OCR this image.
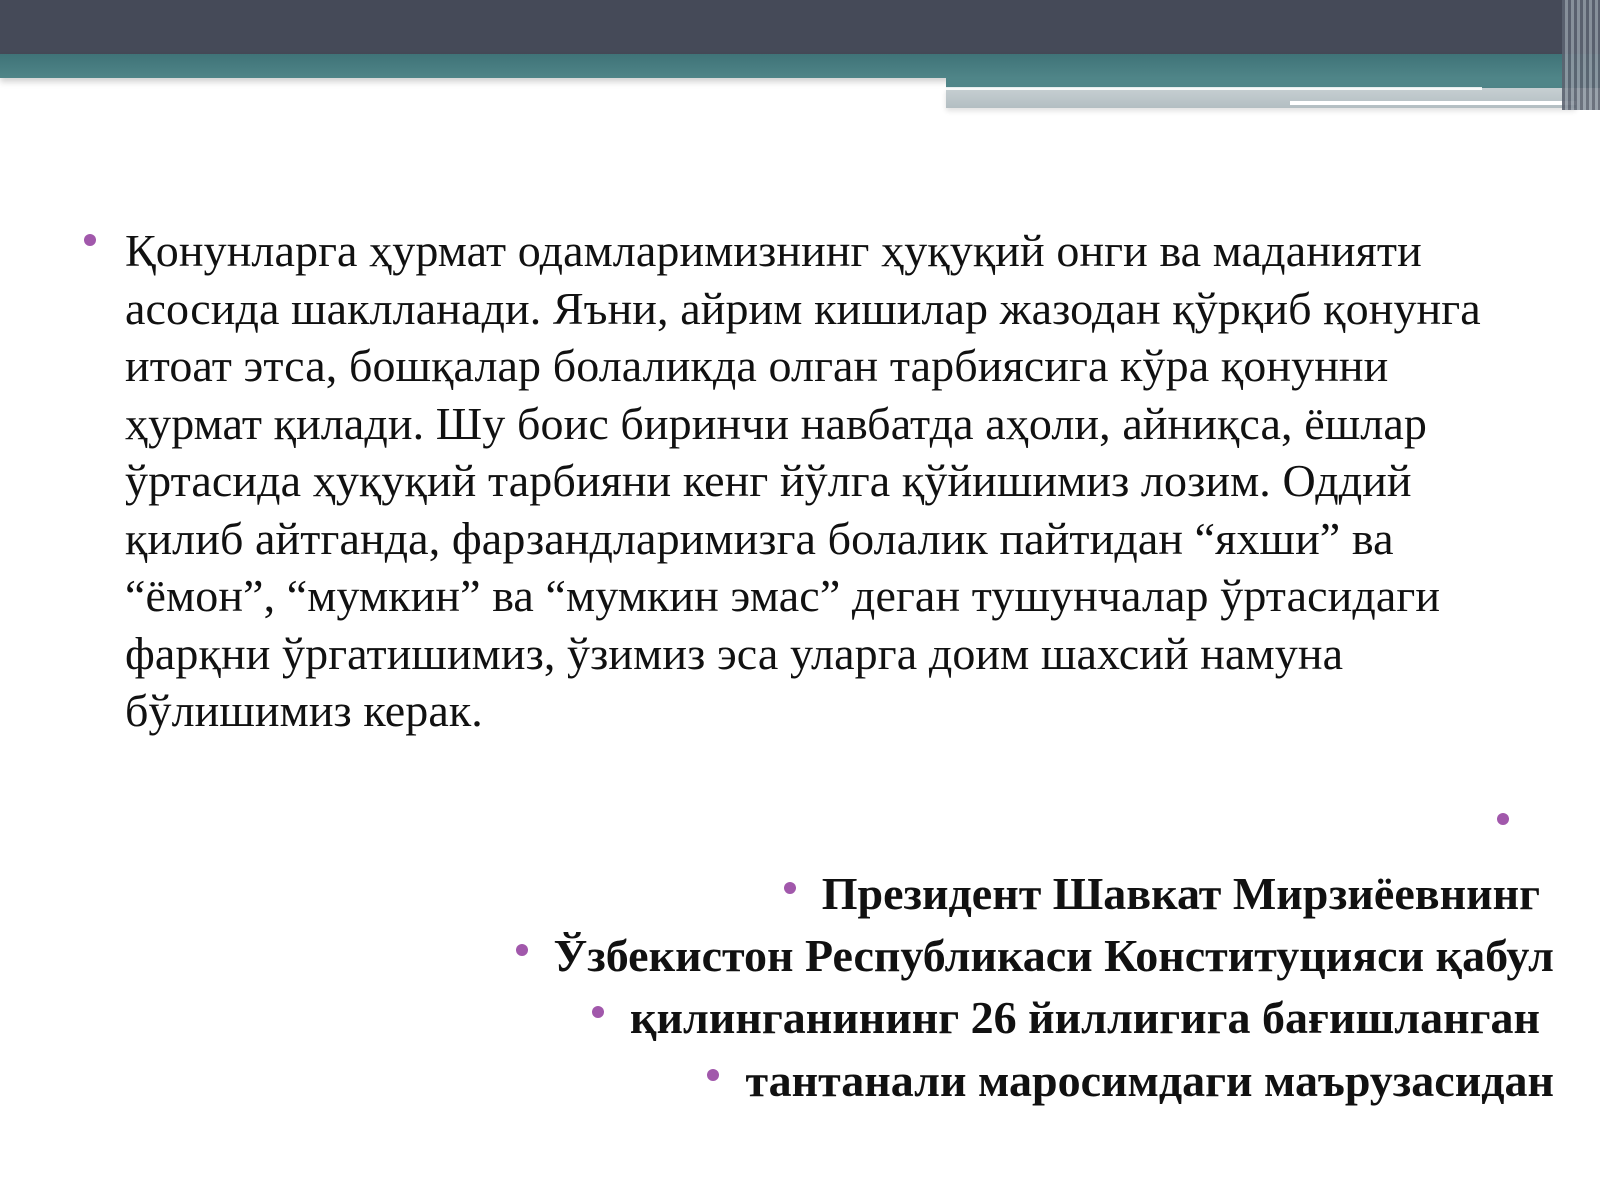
Қонунларга ҳурмат одамларимизнинг ҳуқуқий онги ва маданияти асосида шаклланади. Яъни, айрим кишилар жазодан қўрқиб қонунга итоат этса, бошқалар болаликда олган тарбиясига кўра қонунни ҳурмат қилади. Шу боис биринчи навбатда аҳоли, айниқса, ёшлар ўртасида ҳуқуқий тарбияни кенг йўлга қўйишимиз лозим. Оддий қилиб айтганда, фарзандларимизга болалик пайтидан “яхши” ва “ёмон”, “мумкин” ва “мумкин эмас” деган тушунчалар ўртасидаги фарқни ўргатишимиз, ўзимиз эса уларга доим шахсий намуна бўлишимиз керак.
Президент Шавкат Мирзиёевнинг
Ўзбекистон Республикаси Конституцияси қабул
қилинганининг 26 йиллигига бағишланган
тантанали маросимдаги маърузасидан
